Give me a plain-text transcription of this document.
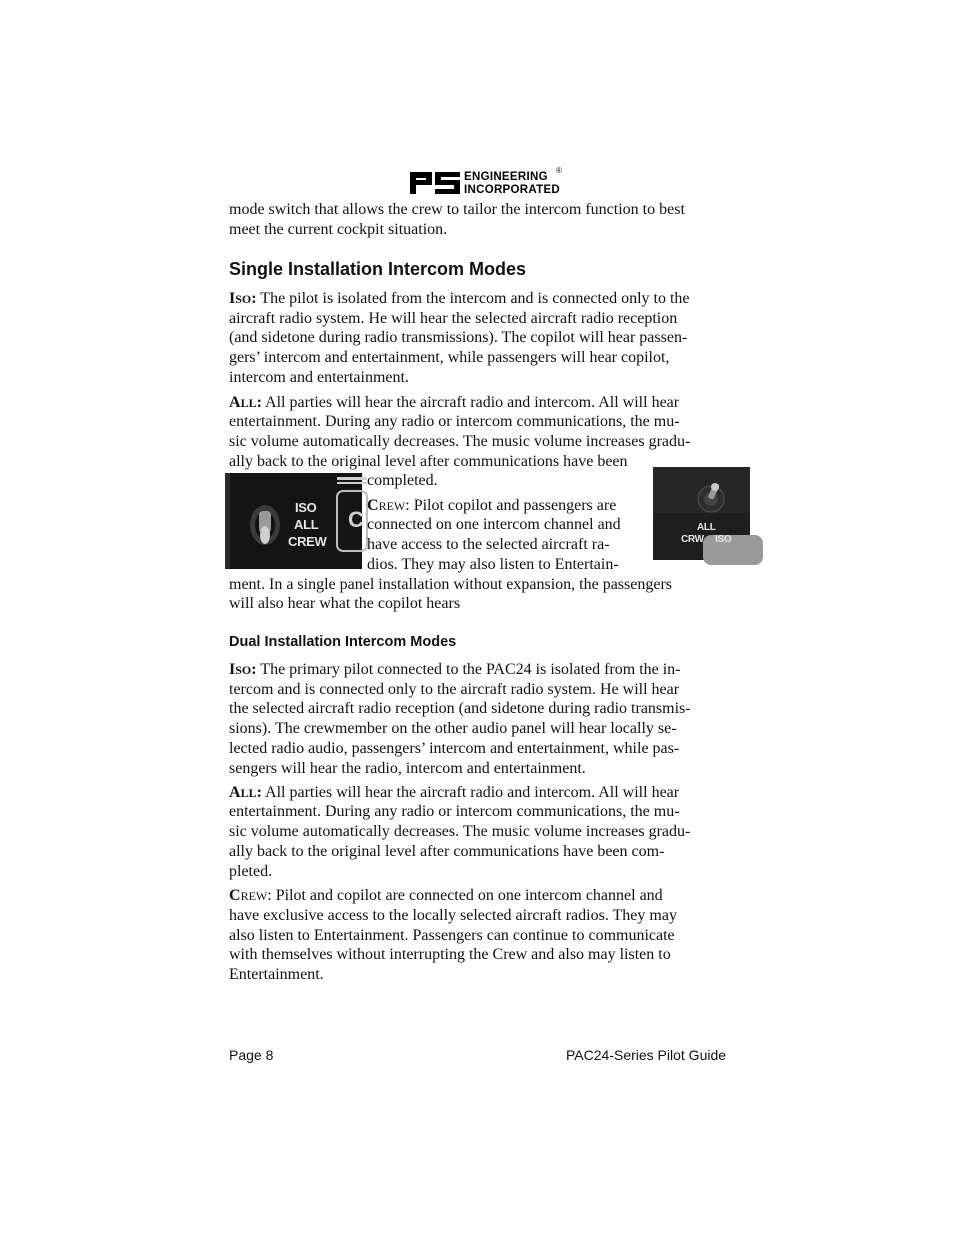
ENGINEERING
INCORPORATED
®
mode switch that allows the crew to tailor the intercom function to best
meet the current cockpit situation.
Single Installation Intercom Modes
ISO: The pilot is isolated from the intercom and is connected only to the
aircraft radio system. He will hear the selected aircraft radio reception
(and sidetone during radio transmissions). The copilot will hear passen-
gers’ intercom and entertainment, while passengers will hear copilot,
intercom and entertainment.
ALL: All parties will hear the aircraft radio and intercom. All will hear
entertainment. During any radio or intercom communications, the mu-
sic volume automatically decreases. The music volume increases gradu-
ally back to the original level after communications have been
completed.
ISO
ALL
CREW
C
CREW: Pilot copilot and passengers are
connected on one intercom channel and
have access to the selected aircraft ra-
dios. They may also listen to Entertain-
ment. In a single panel installation without expansion, the passengers
will also hear what the copilot hears
ALL
CRW ISO
Dual Installation Intercom Modes
ISO: The primary pilot connected to the PAC24 is isolated from the in-
tercom and is connected only to the aircraft radio system. He will hear
the selected aircraft radio reception (and sidetone during radio transmis-
sions). The crewmember on the other audio panel will hear locally se-
lected radio audio, passengers’ intercom and entertainment, while pas-
sengers will hear the radio, intercom and entertainment.
ALL: All parties will hear the aircraft radio and intercom. All will hear
entertainment. During any radio or intercom communications, the mu-
sic volume automatically decreases. The music volume increases gradu-
ally back to the original level after communications have been com-
pleted.
CREW: Pilot and copilot are connected on one intercom channel and
have exclusive access to the locally selected aircraft radios. They may
also listen to Entertainment. Passengers can continue to communicate
with themselves without interrupting the Crew and also may listen to
Entertainment.
Page 8	PAC24-Series Pilot Guide
